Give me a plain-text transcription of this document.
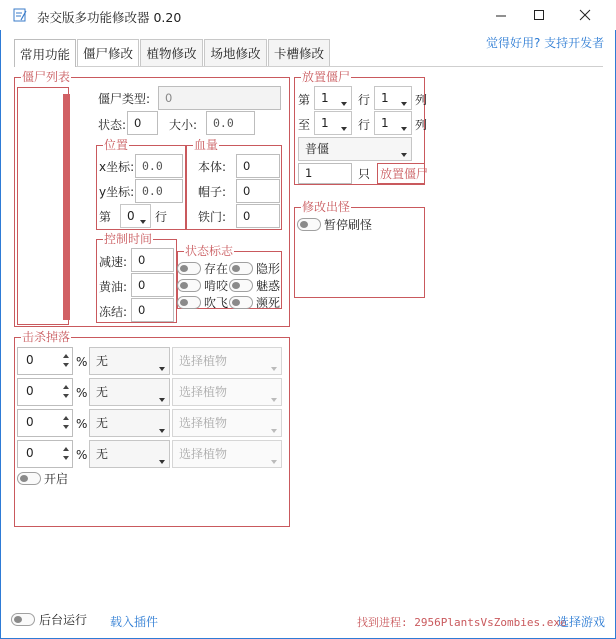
杂交版多功能修改器 0.20
觉得好用? 支持开发者
常用功能	僵尸修改	植物修改	场地修改	卡槽修改
僵尸列表
僵尸类型:	0
状态: 0	大小:	0.0
位置
x坐标: 0.0
y坐标: 0.0
第	0	行
血量
本体:	0
帽子:	0
铁门:	0
控制时间
减速: 0
黄油: 0
冻结: 0
状态标志
存在 隐形
啃咬 魅惑
吹飞 濒死
放置僵尸
第 1	行 1	列
至 1	行 1	列
普僵
1	只 放置僵尸
修改出怪
暂停刷怪
击杀掉落
0	% 无	选择植物
0	% 无	选择植物
0	% 无	选择植物
0	% 无	选择植物
开启
后台运行 载入插件	找到进程: 2956PlantsVsZombies.exe
选择游戏
